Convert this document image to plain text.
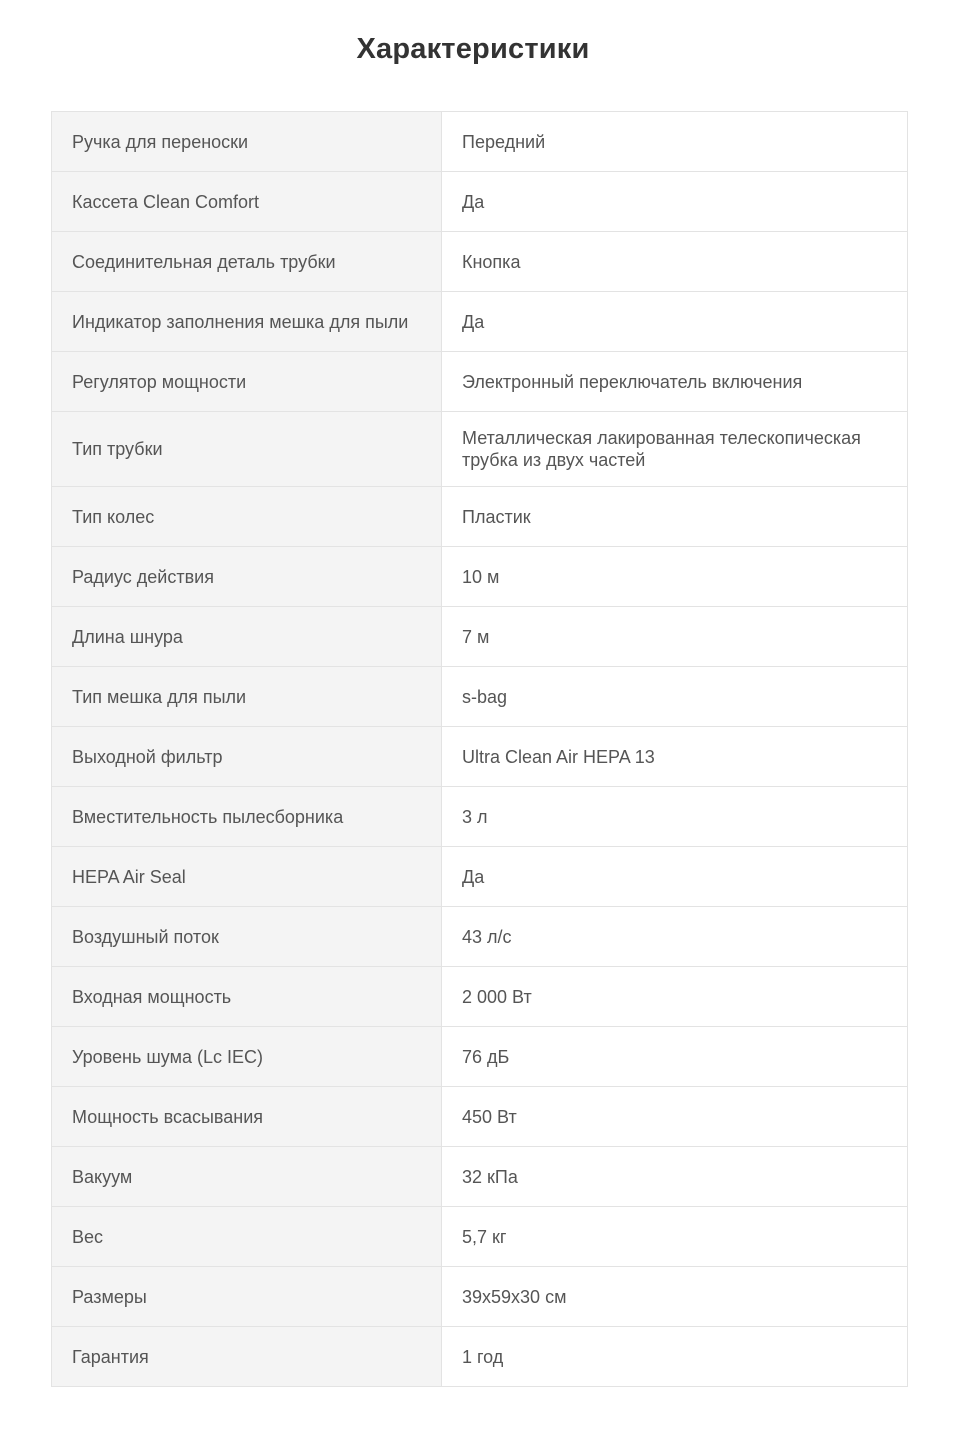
Характеристики
Ручка для переноски	Передний
Кассета Clean Comfort	Да
Соединительная деталь трубки	Кнопка
Индикатор заполнения мешка для пыли	Да
Регулятор мощности	Электронный переключатель включения
Тип трубки	Металлическая лакированная телескопическая трубка из двух частей
Тип колес	Пластик
Радиус действия	10 м
Длина шнура	7 м
Тип мешка для пыли	s-bag
Выходной фильтр	Ultra Clean Air HEPA 13
Вместительность пылесборника	3 л
HEPA Air Seal	Да
Воздушный поток	43 л/с
Входная мощность	2 000 Вт
Уровень шума (Lc IEC)	76 дБ
Мощность всасывания	450 Вт
Вакуум	32 кПа
Вес	5,7 кг
Размеры	39x59x30 см
Гарантия	1 год
